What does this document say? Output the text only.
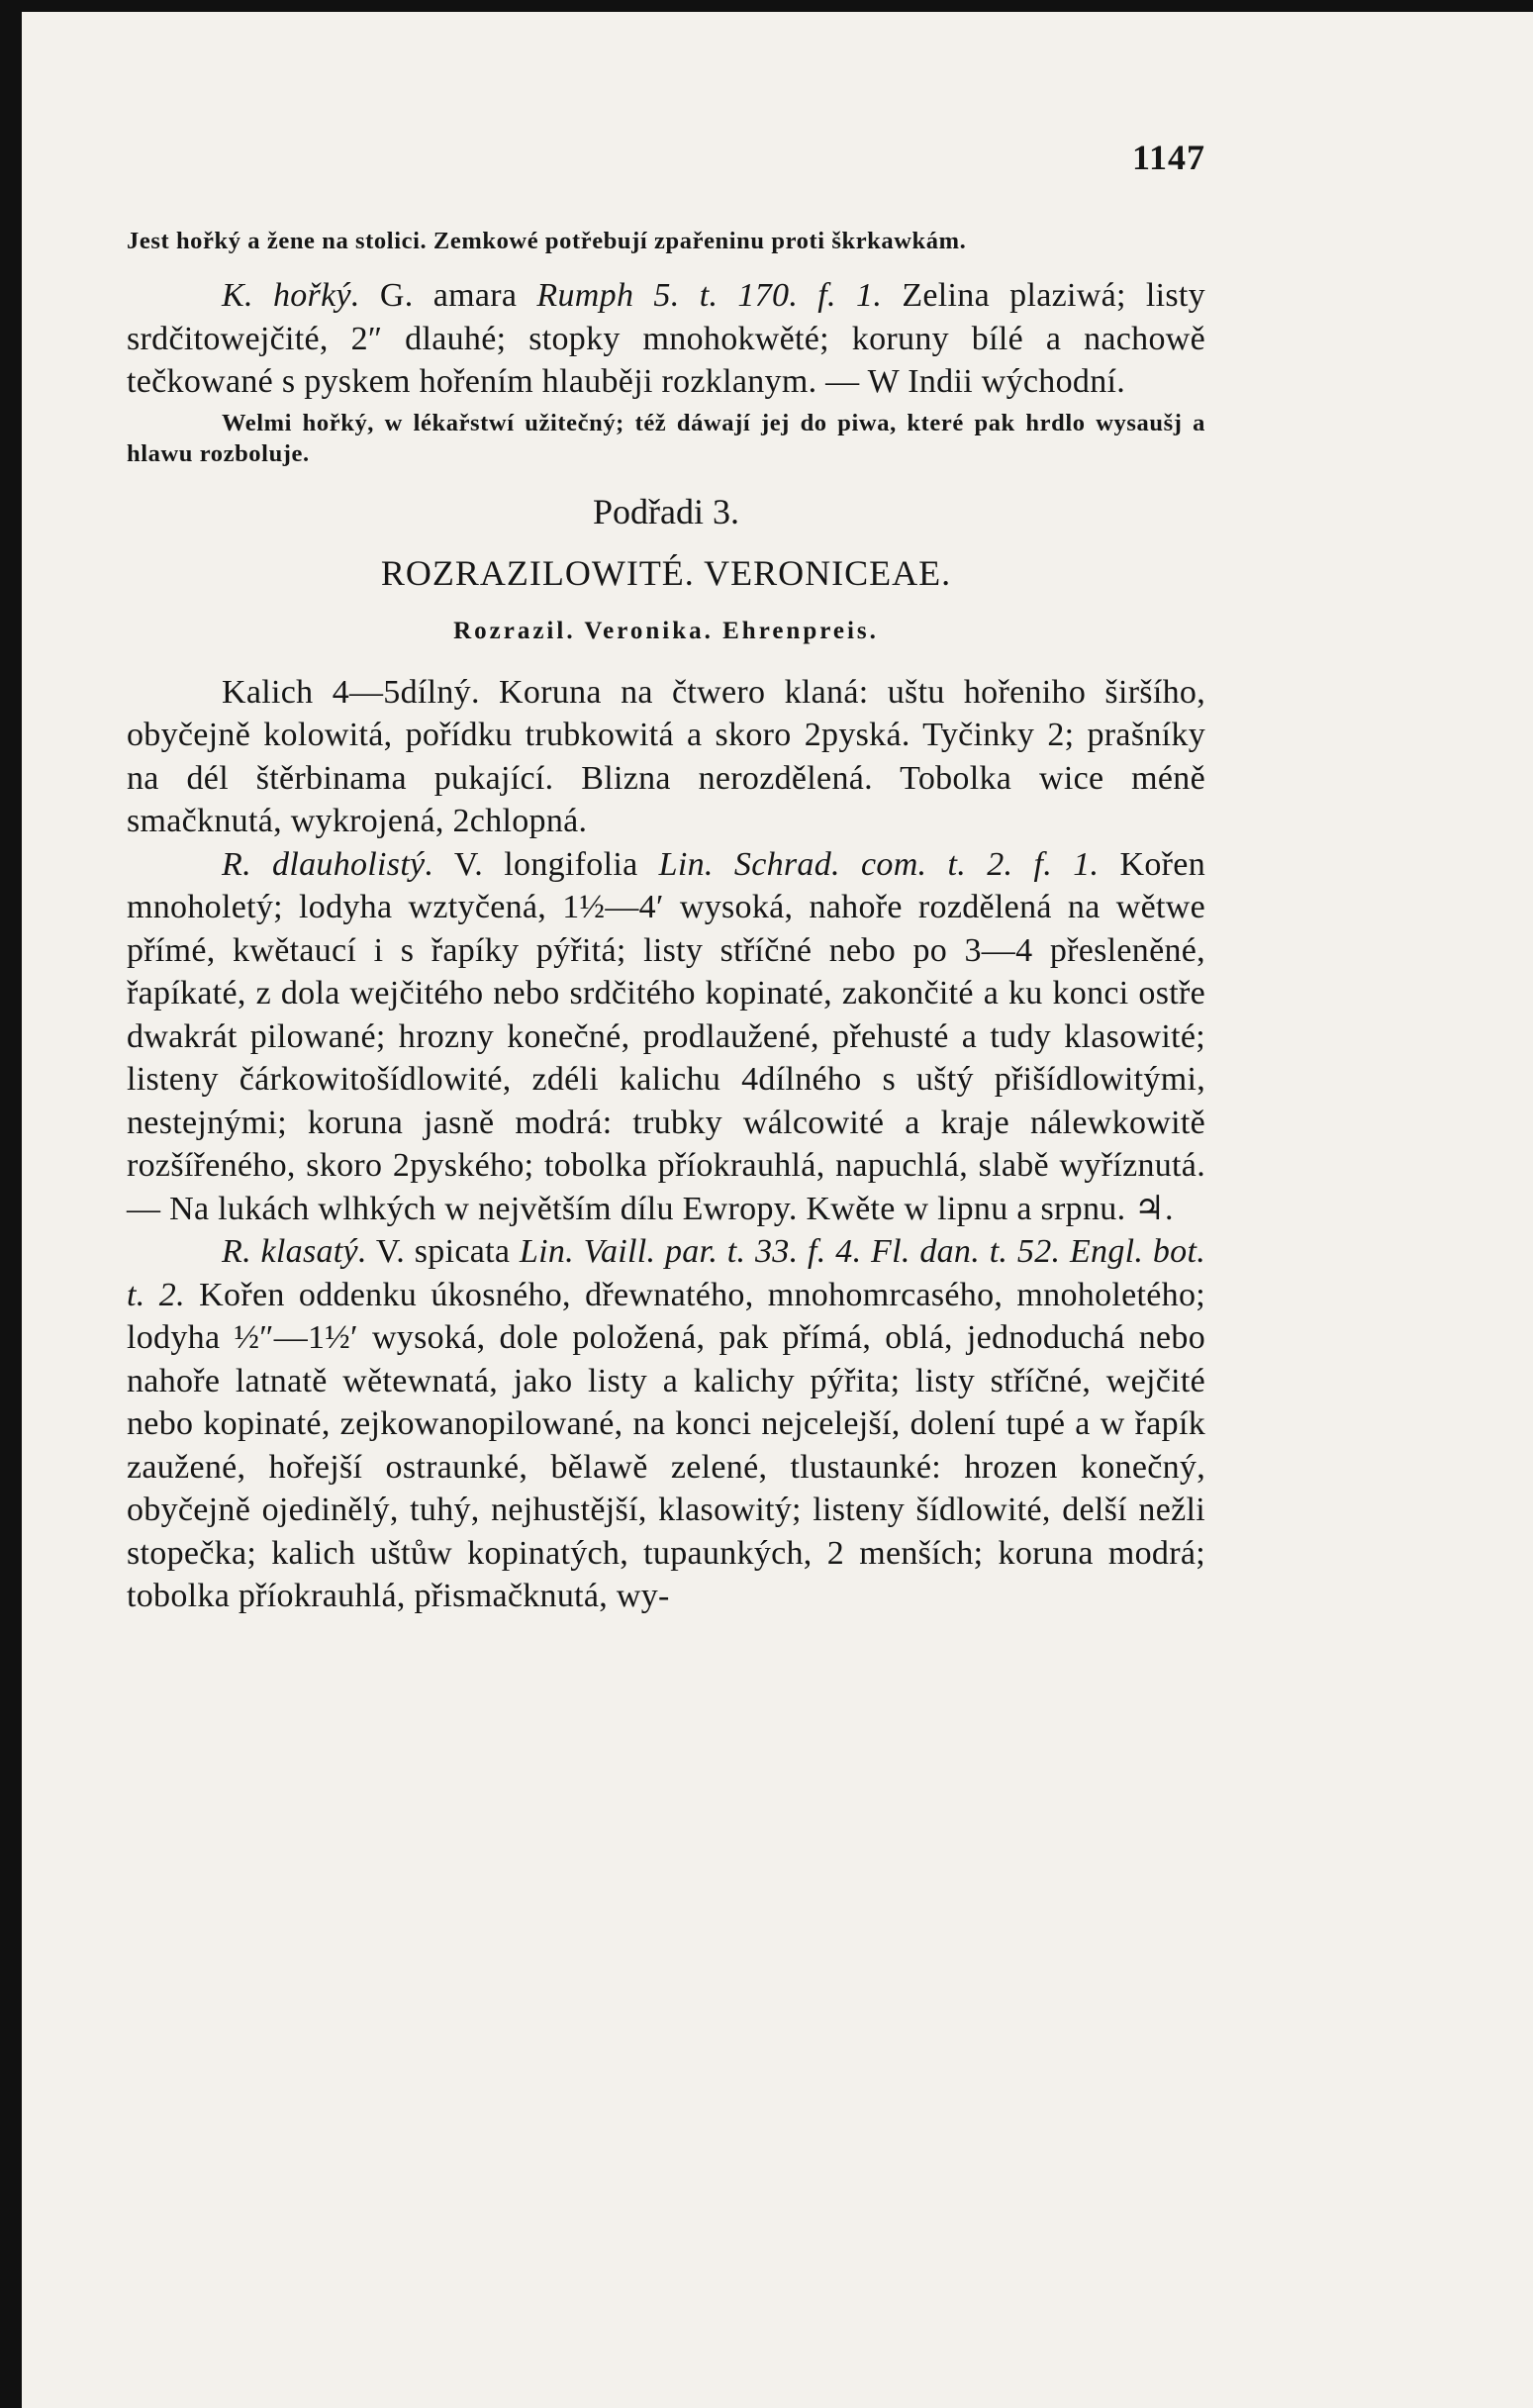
1147

Jest hořký a žene na stolici. Zemkowé potřebují zpařeninu proti škrkawkám.

K. hořký. G. amara Rumph 5. t. 170. f. 1. Zelina plaziwá; listy srdčitowejčité, 2″ dlauhé; stopky mnohokwěté; koruny bílé a nachowě tečkowané s pyskem hořením hlauběji rozklanym. — W Indii wýchodní.

Welmi hořký, w lékařstwí užitečný; též dáwají jej do piwa, které pak hrdlo wysaušj a hlawu rozboluje.

Podřadi 3.

ROZRAZILOWITÉ. VERONICEAE.

Rozrazil. Veronika. Ehrenpreis.

Kalich 4—5dílný. Koruna na čtwero klaná: uštu hořeniho širšího, obyčejně kolowitá, pořídku trubkowitá a skoro 2pyská. Tyčinky 2; prašníky na dél štěrbinama pukající. Blizna nerozdělená. Tobolka wice méně smačknutá, wykrojená, 2chlopná.

R. dlauholistý. V. longifolia Lin. Schrad. com. t. 2. f. 1. Kořen mnoholetý; lodyha wztyčená, 1½—4′ wysoká, nahoře rozdělená na wětwe přímé, kwětaucí i s řapíky pýřitá; listy stříčné nebo po 3—4 přesleněné, řapíkaté, z dola wejčitého nebo srdčitého kopinaté, zakončité a ku konci ostře dwakrát pilowané; hrozny konečné, prodlaužené, přehusté a tudy klasowité; listeny čárkowitošídlowité, zdéli kalichu 4dílného s uštý přišídlowitými, nestejnými; koruna jasně modrá: trubky wálcowité a kraje nálewkowitě rozšířeného, skoro 2pyského; tobolka příokrauhlá, napuchlá, slabě wyříznutá. — Na lukách wlhkých w největším dílu Ewropy. Kwěte w lipnu a srpnu. ♃.

R. klasatý. V. spicata Lin. Vaill. par. t. 33. f. 4. Fl. dan. t. 52. Engl. bot. t. 2. Kořen oddenku úkosného, dřewnatého, mnohomrcasého, mnoholetého; lodyha ½″—1½′ wysoká, dole položená, pak přímá, oblá, jednoduchá nebo nahoře latnatě wětewnatá, jako listy a kalichy pýřita; listy stříčné, wejčité nebo kopinaté, zejkowanopilowané, na konci nejcelejší, dolení tupé a w řapík zaužené, hořejší ostraunké, bělawě zelené, tlustaunké: hrozen konečný, obyčejně ojedinělý, tuhý, nejhustější, klasowitý; listeny šídlowité, delší nežli stopečka; kalich uštůw kopinatých, tupaunkých, 2 menších; koruna modrá; tobolka příokrauhlá, přismačknutá, wy-
